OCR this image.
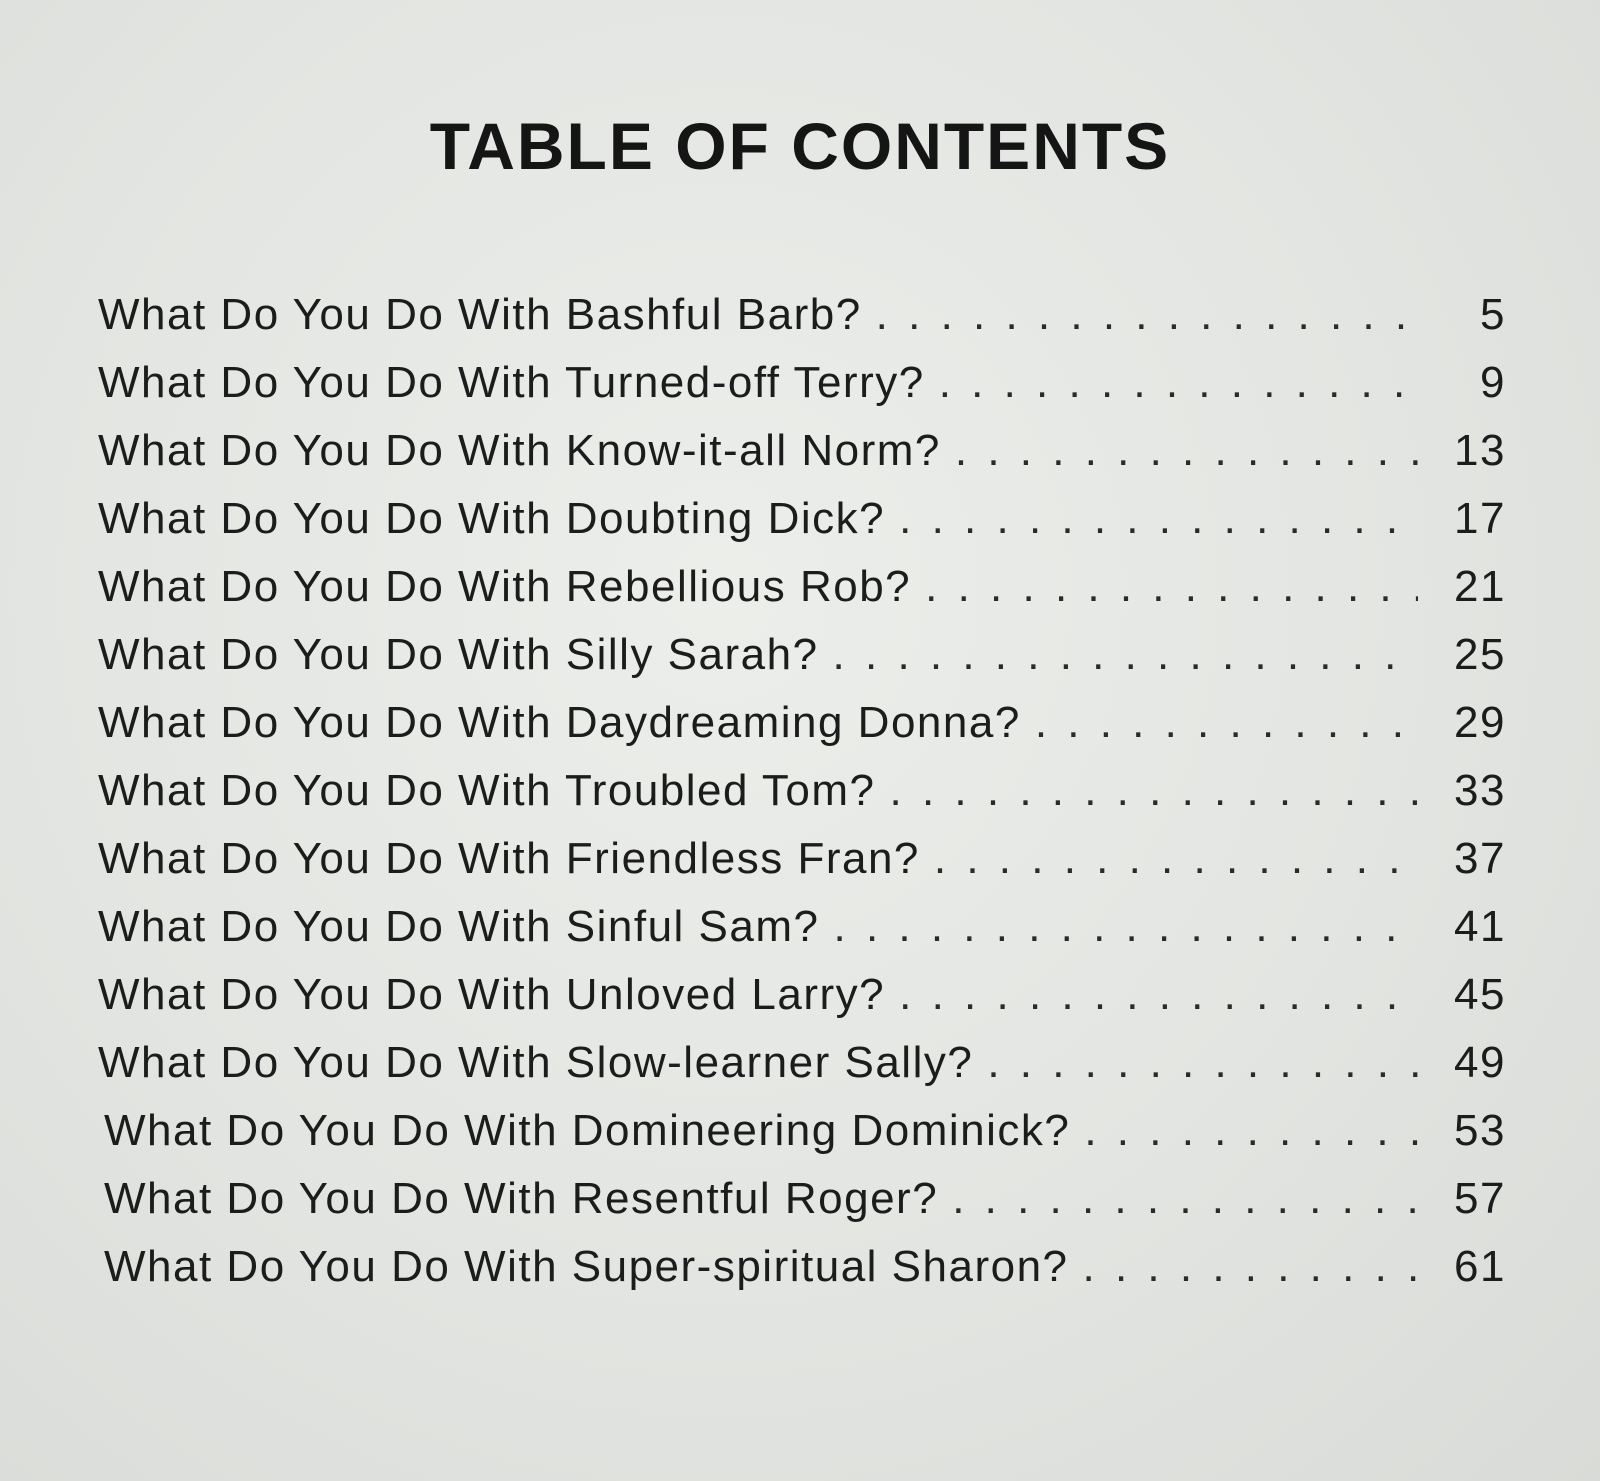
TABLE OF CONTENTS
What Do You Do With Bashful Barb? . . .	5
What Do You Do With Turned-off Terry? . . .	9
What Do You Do With Know-it-all Norm? . . .	13
What Do You Do With Doubting Dick? . . .	17
What Do You Do With Rebellious Rob? . . .	21
What Do You Do With Silly Sarah? . . .	25
What Do You Do With Daydreaming Donna? . . .	29
What Do You Do With Troubled Tom? . . .	33
What Do You Do With Friendless Fran? . . .	37
What Do You Do With Sinful Sam? . . .	41
What Do You Do With Unloved Larry? . . .	45
What Do You Do With Slow-learner Sally? . . .	49
What Do You Do With Domineering Dominick? . . .	53
What Do You Do With Resentful Roger? . . .	57
What Do You Do With Super-spiritual Sharon? . . .	61
